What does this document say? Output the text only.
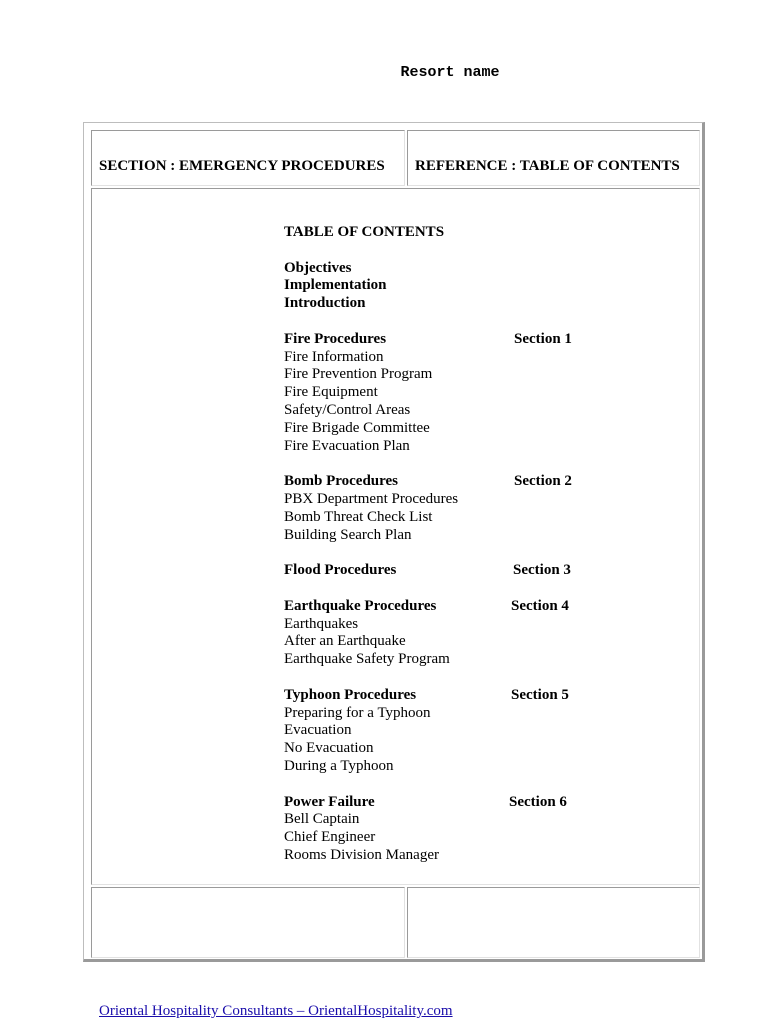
Resort name
SECTION : EMERGENCY PROCEDURES REFERENCE : TABLE OF CONTENTS
TABLE OF CONTENTS
Objectives
Implementation
Introduction
Fire Procedures	Section 1
Fire Information
Fire Prevention Program
Fire Equipment
Safety/Control Areas
Fire Brigade Committee
Fire Evacuation Plan
Bomb Procedures	Section 2
PBX Department Procedures
Bomb Threat Check List
Building Search Plan
Flood Procedures	Section 3
Earthquake Procedures	Section 4
Earthquakes
After an Earthquake
Earthquake Safety Program
Typhoon Procedures	Section 5
Preparing for a Typhoon
Evacuation
No Evacuation
During a Typhoon
Power Failure	Section 6
Bell Captain
Chief Engineer
Rooms Division Manager
Oriental Hospitality Consultants – OrientalHospitality.com
